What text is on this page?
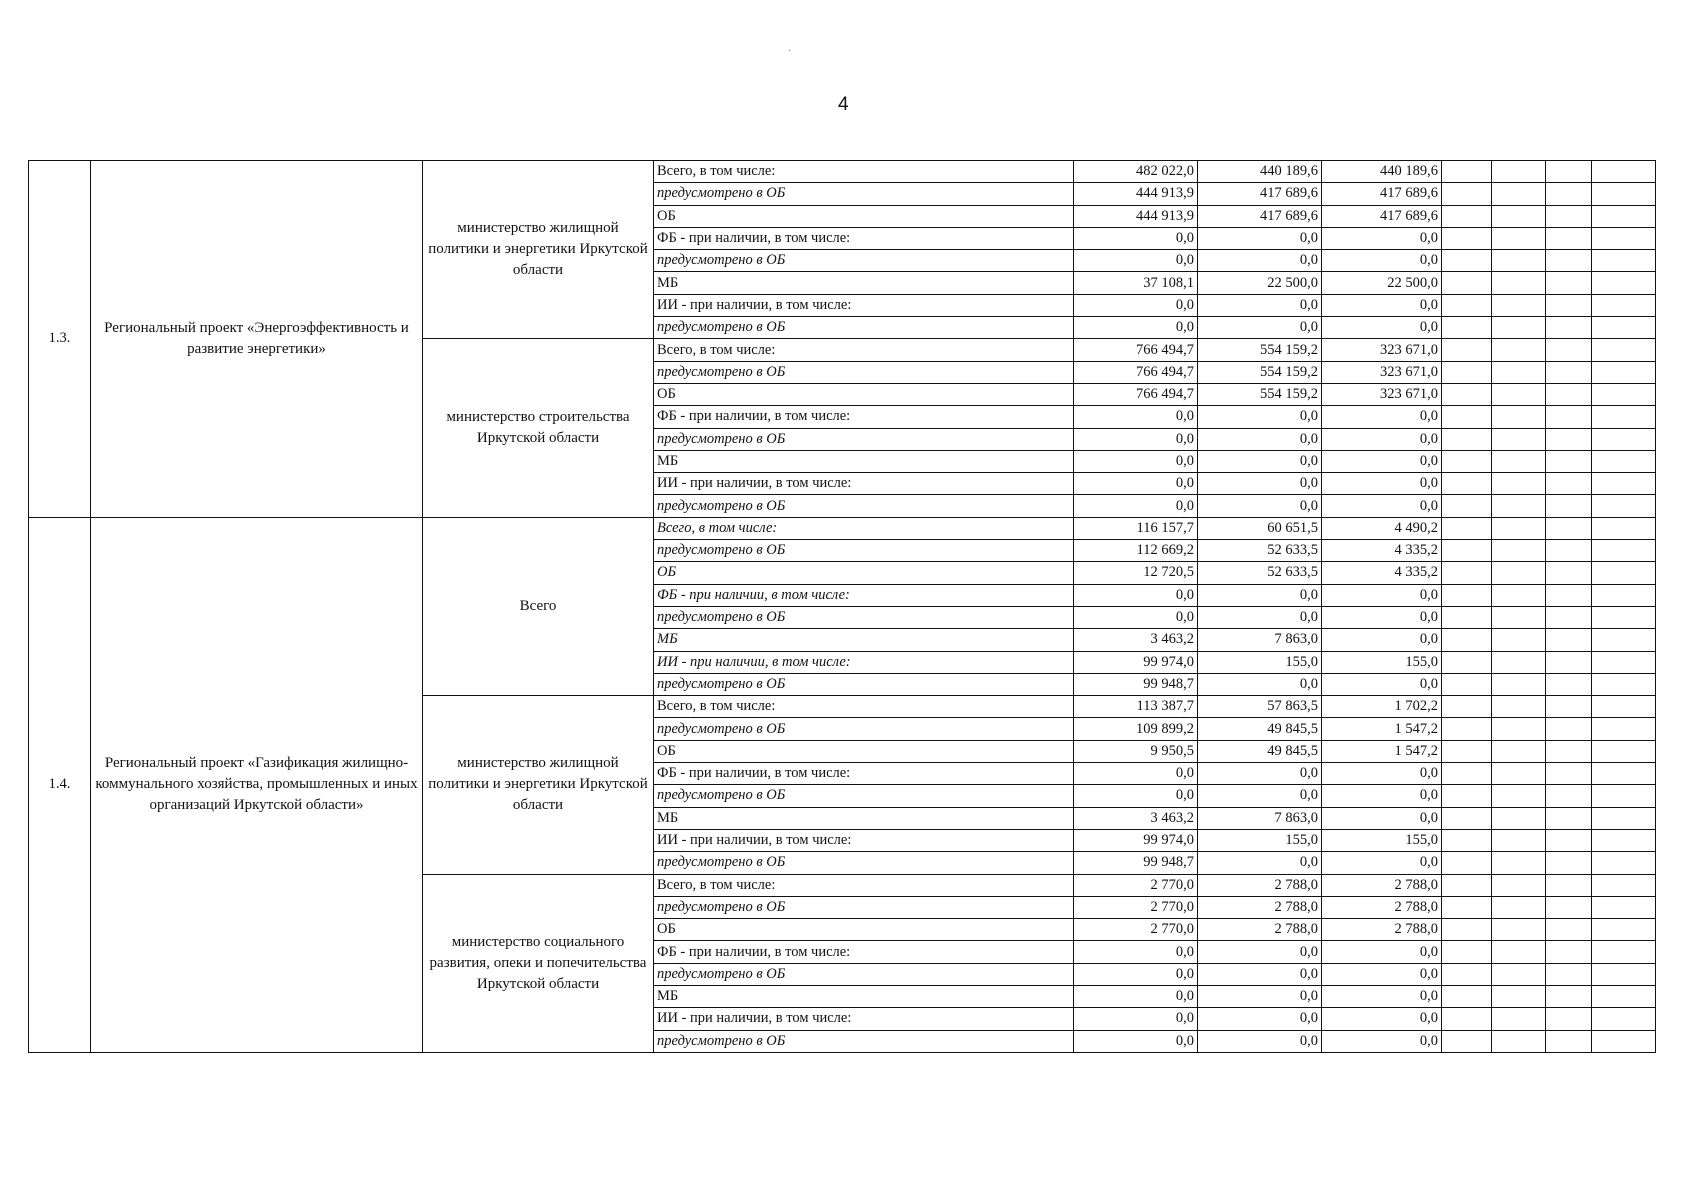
·
4
1.3.	Региональный проект «Энергоэффективность и развитие энергетики»	министерство жилищной политики и энергетики Иркутской области	Всего, в том числе:	482 022,0	440 189,6	440 189,6				
			предусмотрено в ОБ	444 913,9	417 689,6	417 689,6				
			ОБ	444 913,9	417 689,6	417 689,6				
			ФБ - при наличии, в том числе:	0,0	0,0	0,0				
			предусмотрено в ОБ	0,0	0,0	0,0				
			МБ	37 108,1	22 500,0	22 500,0				
			ИИ - при наличии, в том числе:	0,0	0,0	0,0				
			предусмотрено в ОБ	0,0	0,0	0,0				
		министерство строительства Иркутской области	Всего, в том числе:	766 494,7	554 159,2	323 671,0				
			предусмотрено в ОБ	766 494,7	554 159,2	323 671,0				
			ОБ	766 494,7	554 159,2	323 671,0				
			ФБ - при наличии, в том числе:	0,0	0,0	0,0				
			предусмотрено в ОБ	0,0	0,0	0,0				
			МБ	0,0	0,0	0,0				
			ИИ - при наличии, в том числе:	0,0	0,0	0,0				
			предусмотрено в ОБ	0,0	0,0	0,0				
1.4.	Региональный проект «Газификация жилищно-коммунального хозяйства, промышленных и иных организаций Иркутской области»	Всего	Всего, в том числе:	116 157,7	60 651,5	4 490,2				
			предусмотрено в ОБ	112 669,2	52 633,5	4 335,2				
			ОБ	12 720,5	52 633,5	4 335,2				
			ФБ - при наличии, в том числе:	0,0	0,0	0,0				
			предусмотрено в ОБ	0,0	0,0	0,0				
			МБ	3 463,2	7 863,0	0,0				
			ИИ - при наличии, в том числе:	99 974,0	155,0	155,0				
			предусмотрено в ОБ	99 948,7	0,0	0,0				
		министерство жилищной политики и энергетики Иркутской области	Всего, в том числе:	113 387,7	57 863,5	1 702,2				
			предусмотрено в ОБ	109 899,2	49 845,5	1 547,2				
			ОБ	9 950,5	49 845,5	1 547,2				
			ФБ - при наличии, в том числе:	0,0	0,0	0,0				
			предусмотрено в ОБ	0,0	0,0	0,0				
			МБ	3 463,2	7 863,0	0,0				
			ИИ - при наличии, в том числе:	99 974,0	155,0	155,0				
			предусмотрено в ОБ	99 948,7	0,0	0,0				
		министерство социального развития, опеки и попечительства Иркутской области	Всего, в том числе:	2 770,0	2 788,0	2 788,0				
			предусмотрено в ОБ	2 770,0	2 788,0	2 788,0				
			ОБ	2 770,0	2 788,0	2 788,0				
			ФБ - при наличии, в том числе:	0,0	0,0	0,0				
			предусмотрено в ОБ	0,0	0,0	0,0				
			МБ	0,0	0,0	0,0				
			ИИ - при наличии, в том числе:	0,0	0,0	0,0				
			предусмотрено в ОБ	0,0	0,0	0,0				
